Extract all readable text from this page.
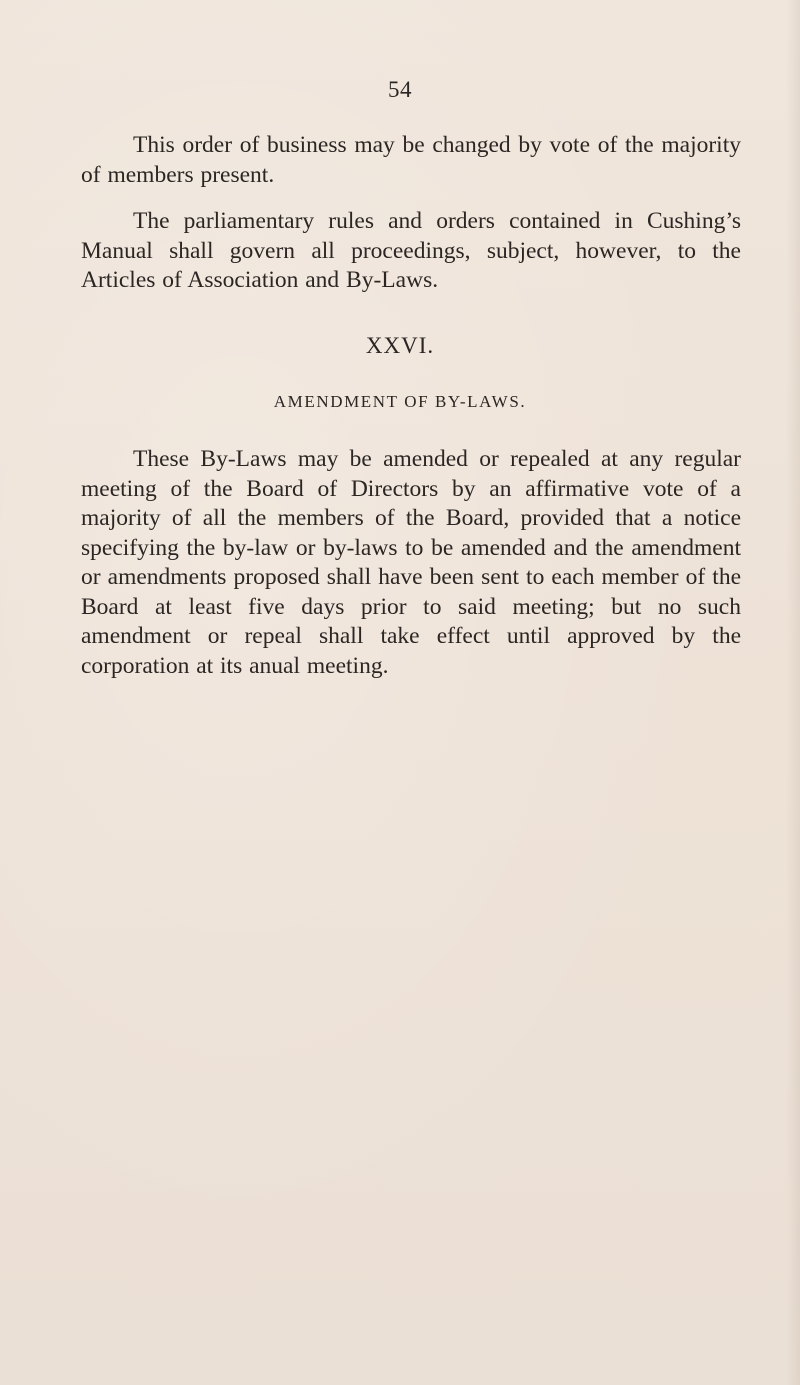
54

This order of business may be changed by vote of the majority of members present.

The parliamentary rules and orders contained in Cushing’s Manual shall govern all proceedings, subject, however, to the Articles of Association and By-Laws.

XXVI.
AMENDMENT OF BY-LAWS.

These By-Laws may be amended or repealed at any regular meeting of the Board of Directors by an affirmative vote of a majority of all the members of the Board, provided that a notice specifying the by-law or by-laws to be amended and the amendment or amendments proposed shall have been sent to each member of the Board at least five days prior to said meeting; but no such amendment or repeal shall take effect until approved by the corporation at its anual meeting.
